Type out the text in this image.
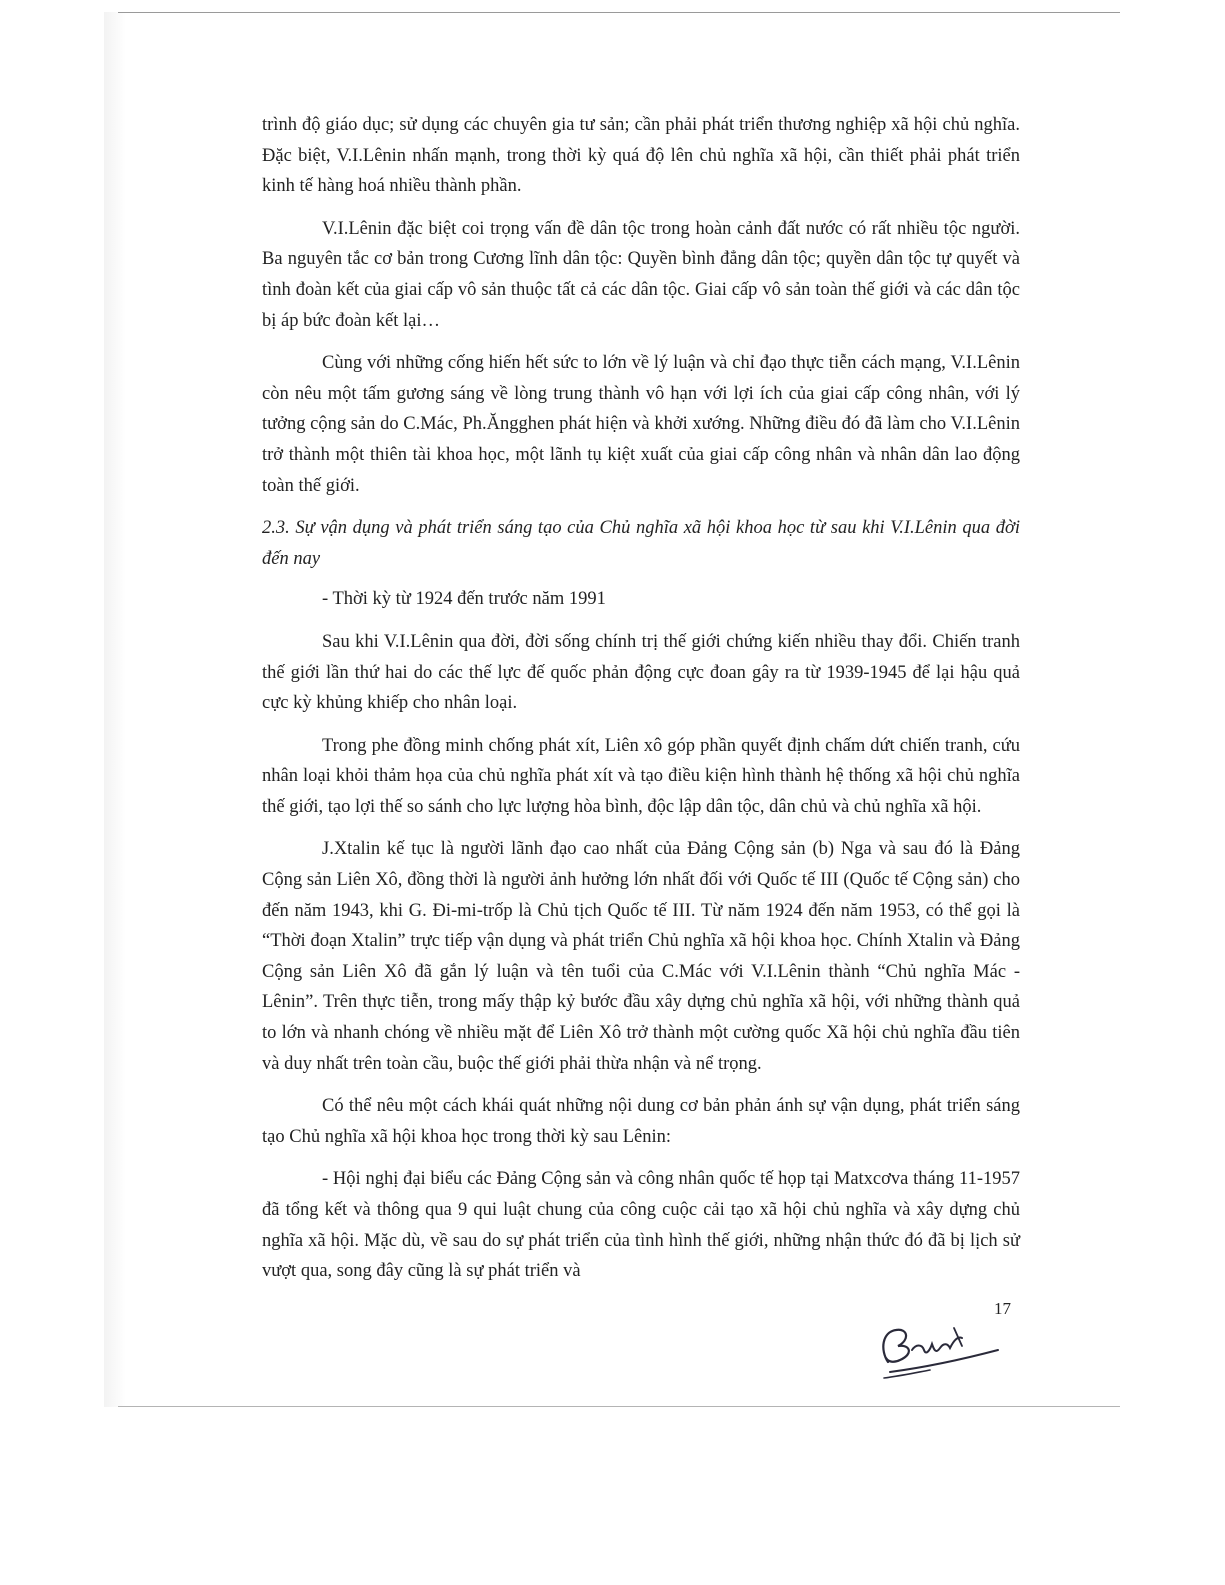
trình độ giáo dục; sử dụng các chuyên gia tư sản; cần phải phát triển thương nghiệp xã hội chủ nghĩa. Đặc biệt, V.I.Lênin nhấn mạnh, trong thời kỳ quá độ lên chủ nghĩa xã hội, cần thiết phải phát triển kinh tế hàng hoá nhiều thành phần.

V.I.Lênin đặc biệt coi trọng vấn đề dân tộc trong hoàn cảnh đất nước có rất nhiều tộc người. Ba nguyên tắc cơ bản trong Cương lĩnh dân tộc: Quyền bình đẳng dân tộc; quyền dân tộc tự quyết và tình đoàn kết của giai cấp vô sản thuộc tất cả các dân tộc. Giai cấp vô sản toàn thế giới và các dân tộc bị áp bức đoàn kết lại…

Cùng với những cống hiến hết sức to lớn về lý luận và chỉ đạo thực tiễn cách mạng, V.I.Lênin còn nêu một tấm gương sáng về lòng trung thành vô hạn với lợi ích của giai cấp công nhân, với lý tưởng cộng sản do C.Mác, Ph.Ăngghen phát hiện và khởi xướng. Những điều đó đã làm cho V.I.Lênin trở thành một thiên tài khoa học, một lãnh tụ kiệt xuất của giai cấp công nhân và nhân dân lao động toàn thế giới.

2.3. Sự vận dụng và phát triển sáng tạo của Chủ nghĩa xã hội khoa học từ sau khi V.I.Lênin qua đời đến nay

- Thời kỳ từ 1924 đến trước năm 1991

Sau khi V.I.Lênin qua đời, đời sống chính trị thế giới chứng kiến nhiều thay đổi. Chiến tranh thế giới lần thứ hai do các thế lực đế quốc phản động cực đoan gây ra từ 1939-1945 để lại hậu quả cực kỳ khủng khiếp cho nhân loại.

Trong phe đồng minh chống phát xít, Liên xô góp phần quyết định chấm dứt chiến tranh, cứu nhân loại khỏi thảm họa của chủ nghĩa phát xít và tạo điều kiện hình thành hệ thống xã hội chủ nghĩa thế giới, tạo lợi thế so sánh cho lực lượng hòa bình, độc lập dân tộc, dân chủ và chủ nghĩa xã hội.

J.Xtalin kế tục là người lãnh đạo cao nhất của Đảng Cộng sản (b) Nga và sau đó là Đảng Cộng sản Liên Xô, đồng thời là người ảnh hưởng lớn nhất đối với Quốc tế III (Quốc tế Cộng sản) cho đến năm 1943, khi G. Đi-mi-trốp là Chủ tịch Quốc tế III. Từ năm 1924 đến năm 1953, có thể gọi là “Thời đoạn Xtalin” trực tiếp vận dụng và phát triển Chủ nghĩa xã hội khoa học. Chính Xtalin và Đảng Cộng sản Liên Xô đã gắn lý luận và tên tuổi của C.Mác với V.I.Lênin thành “Chủ nghĩa Mác - Lênin”. Trên thực tiễn, trong mấy thập kỷ bước đầu xây dựng chủ nghĩa xã hội, với những thành quả to lớn và nhanh chóng về nhiều mặt để Liên Xô trở thành một cường quốc Xã hội chủ nghĩa đầu tiên và duy nhất trên toàn cầu, buộc thế giới phải thừa nhận và nể trọng.

Có thể nêu một cách khái quát những nội dung cơ bản phản ánh sự vận dụng, phát triển sáng tạo Chủ nghĩa xã hội khoa học trong thời kỳ sau Lênin:

- Hội nghị đại biểu các Đảng Cộng sản và công nhân quốc tế họp tại Matxcơva tháng 11-1957 đã tổng kết và thông qua 9 qui luật chung của công cuộc cải tạo xã hội chủ nghĩa và xây dựng chủ nghĩa xã hội. Mặc dù, về sau do sự phát triển của tình hình thế giới, những nhận thức đó đã bị lịch sử vượt qua, song đây cũng là sự phát triển và

17
